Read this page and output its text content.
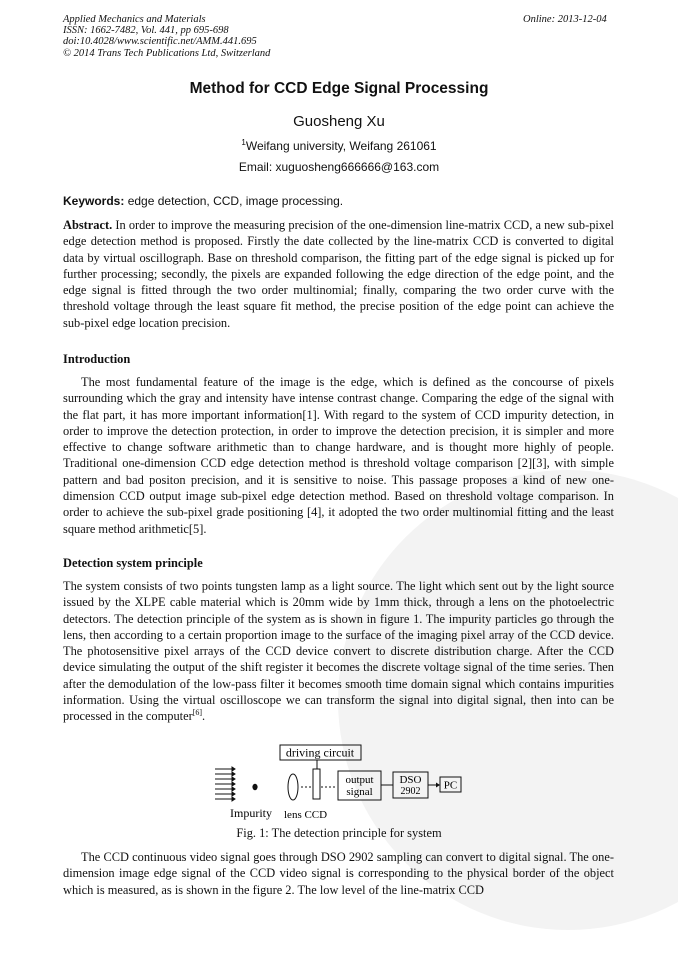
Applied Mechanics and Materials
ISSN: 1662-7482, Vol. 441, pp 695-698
doi:10.4028/www.scientific.net/AMM.441.695
© 2014 Trans Tech Publications Ltd, Switzerland
Online: 2013-12-04
Method for CCD Edge Signal Processing
Guosheng Xu
$^1$Weifang university, Weifang 261061
Email: xuguosheng666666@163.com
Keywords: edge detection, CCD, image processing.

Abstract. In order to improve the measuring precision of the one-dimension line-matrix CCD, a new sub-pixel edge detection method is proposed. Firstly the date collected by the line-matrix CCD is converted to digital data by virtual oscillograph. Base on threshold comparison, the fitting part of the edge signal is picked up for further processing; secondly, the pixels are expanded following the edge direction of the edge point, and the edge signal is fitted through the two order multinomial; finally, comparing the two order curve with the threshold voltage through the least square fit method, the precise position of the edge point can achieve the sub-pixel edge location precision.

Introduction

The most fundamental feature of the image is the edge, which is defined as the concourse of pixels surrounding which the gray and intensity have intense contrast change. Comparing the edge of the signal with the flat part, it has more important information[1]. With regard to the system of CCD impurity detection, in order to improve the detection protection, in order to improve the detection precision, it is simpler and more effective to change software arithmetic than to change hardware, and is thought more highly of people. Traditional one-dimension CCD edge detection method is threshold voltage comparison [2][3], with simple pattern and bad positon precision, and it is sensitive to noise. This passage proposes a kind of new one-dimension CCD output image sub-pixel edge detection method. Based on threshold voltage comparison. In order to achieve the sub-pixel grade positioning [4], it adopted the two order multinomial fitting and the least square method arithmetic[5].

Detection system principle

The system consists of two points tungsten lamp as a light source. The light which sent out by the light source issued by the XLPE cable material which is 20mm wide by 1mm thick, through a lens on the photoelectric detectors. The detection principle of the system as is shown in figure 1. The impurity particles go through the lens, then according to a certain proportion image to the surface of the imaging pixel array of the CCD device. The photosensitive pixel arrays of the CCD device convert to discrete distribution charge. After the CCD device simulating the output of the shift register it becomes the discrete voltage signal of the time series. Then after the demodulation of the low-pass filter it becomes smooth time domain signal which contains impurities information. Using the virtual oscilloscope we can transform the signal into digital signal, then into can be processed in the computer[6].

driving circuit
output
signal
DSO
2902 PC
Impurity lens CCD
Fig. 1: The detection principle for system

The CCD continuous video signal goes through DSO 2902 sampling can convert to digital signal. The one-dimension image edge signal of the CCD video signal is corresponding to the physical border of the object which is measured, as is shown in the figure 2. The low level of the line-matrix CCD
